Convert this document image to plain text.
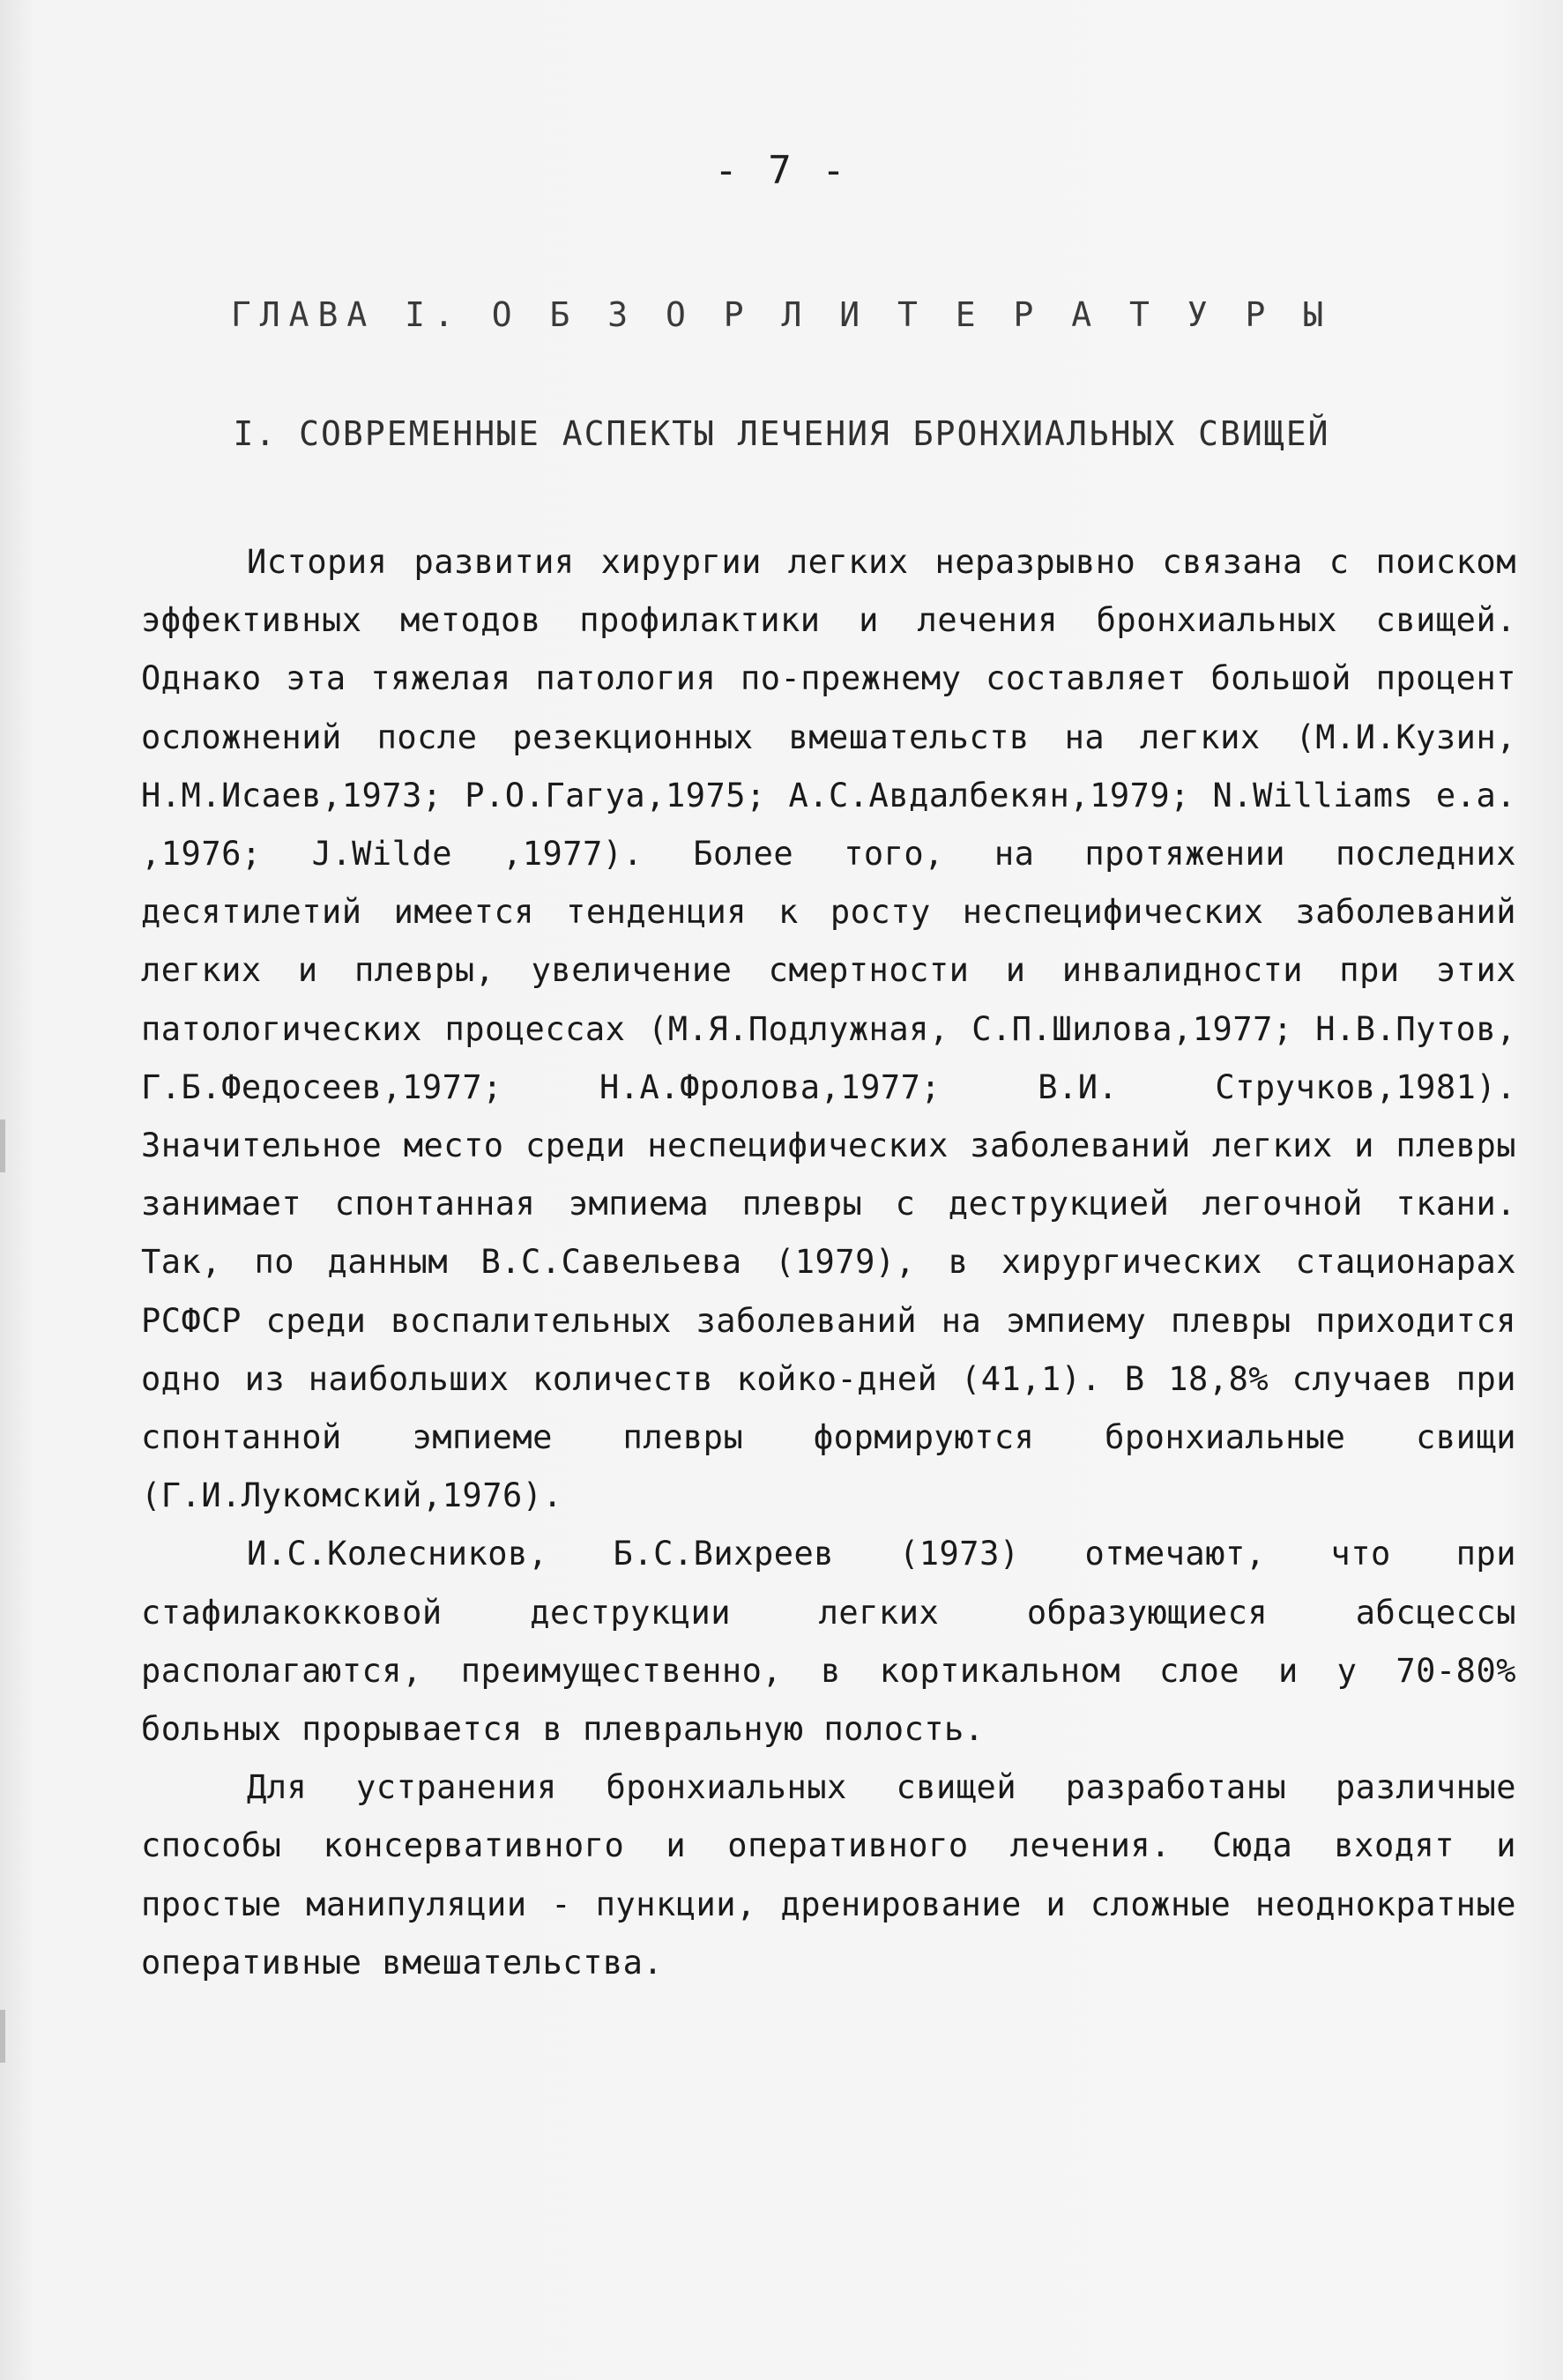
- 7 -
ГЛАВА I. О Б З О Р Л И Т Е Р А Т У Р Ы
I. СОВРЕМЕННЫЕ АСПЕКТЫ ЛЕЧЕНИЯ БРОНХИАЛЬНЫХ СВИЩЕЙ

История развития хирургии легких неразрывно связана с поиском эффективных методов профилактики и лечения бронхиальных свищей. Однако эта тяжелая патология по-прежнему составляет большой процент осложнений после резекционных вмешательств на легких (М.И.Кузин, Н.М.Исаев,1973; Р.О.Гагуа,1975; А.С.Авдалбекян,1979; N.Williams e.a. ,1976; J.Wilde ,1977). Более того, на протяжении последних десятилетий имеется тенденция к росту неспецифических заболеваний легких и плевры, увеличение смертности и инвалидности при этих патологических процессах (М.Я.Подлужная, С.П.Шилова,1977; Н.В.Путов, Г.Б.Федосеев,1977; Н.А.Фролова,1977; В.И. Стручков,1981). Значительное место среди неспецифических заболеваний легких и плевры занимает спонтанная эмпиема плевры с деструкцией легочной ткани. Так, по данным В.С.Савельева (1979), в хирургических стационарах РСФСР среди воспалительных заболеваний на эмпиему плевры приходится одно из наибольших количеств койко-дней (41,1). В 18,8% случаев при спонтанной эмпиеме плевры формируются бронхиальные свищи (Г.И.Лукомский,1976).

И.С.Колесников, Б.С.Вихреев (1973) отмечают, что при стафилакокковой деструкции легких образующиеся абсцессы располагаются, преимущественно, в кортикальном слое и у 70-80% больных прорывается в плевральную полость.

Для устранения бронхиальных свищей разработаны различные способы консервативного и оперативного лечения. Сюда входят и простые манипуляции - пункции, дренирование и сложные неоднократные оперативные вмешательства.
